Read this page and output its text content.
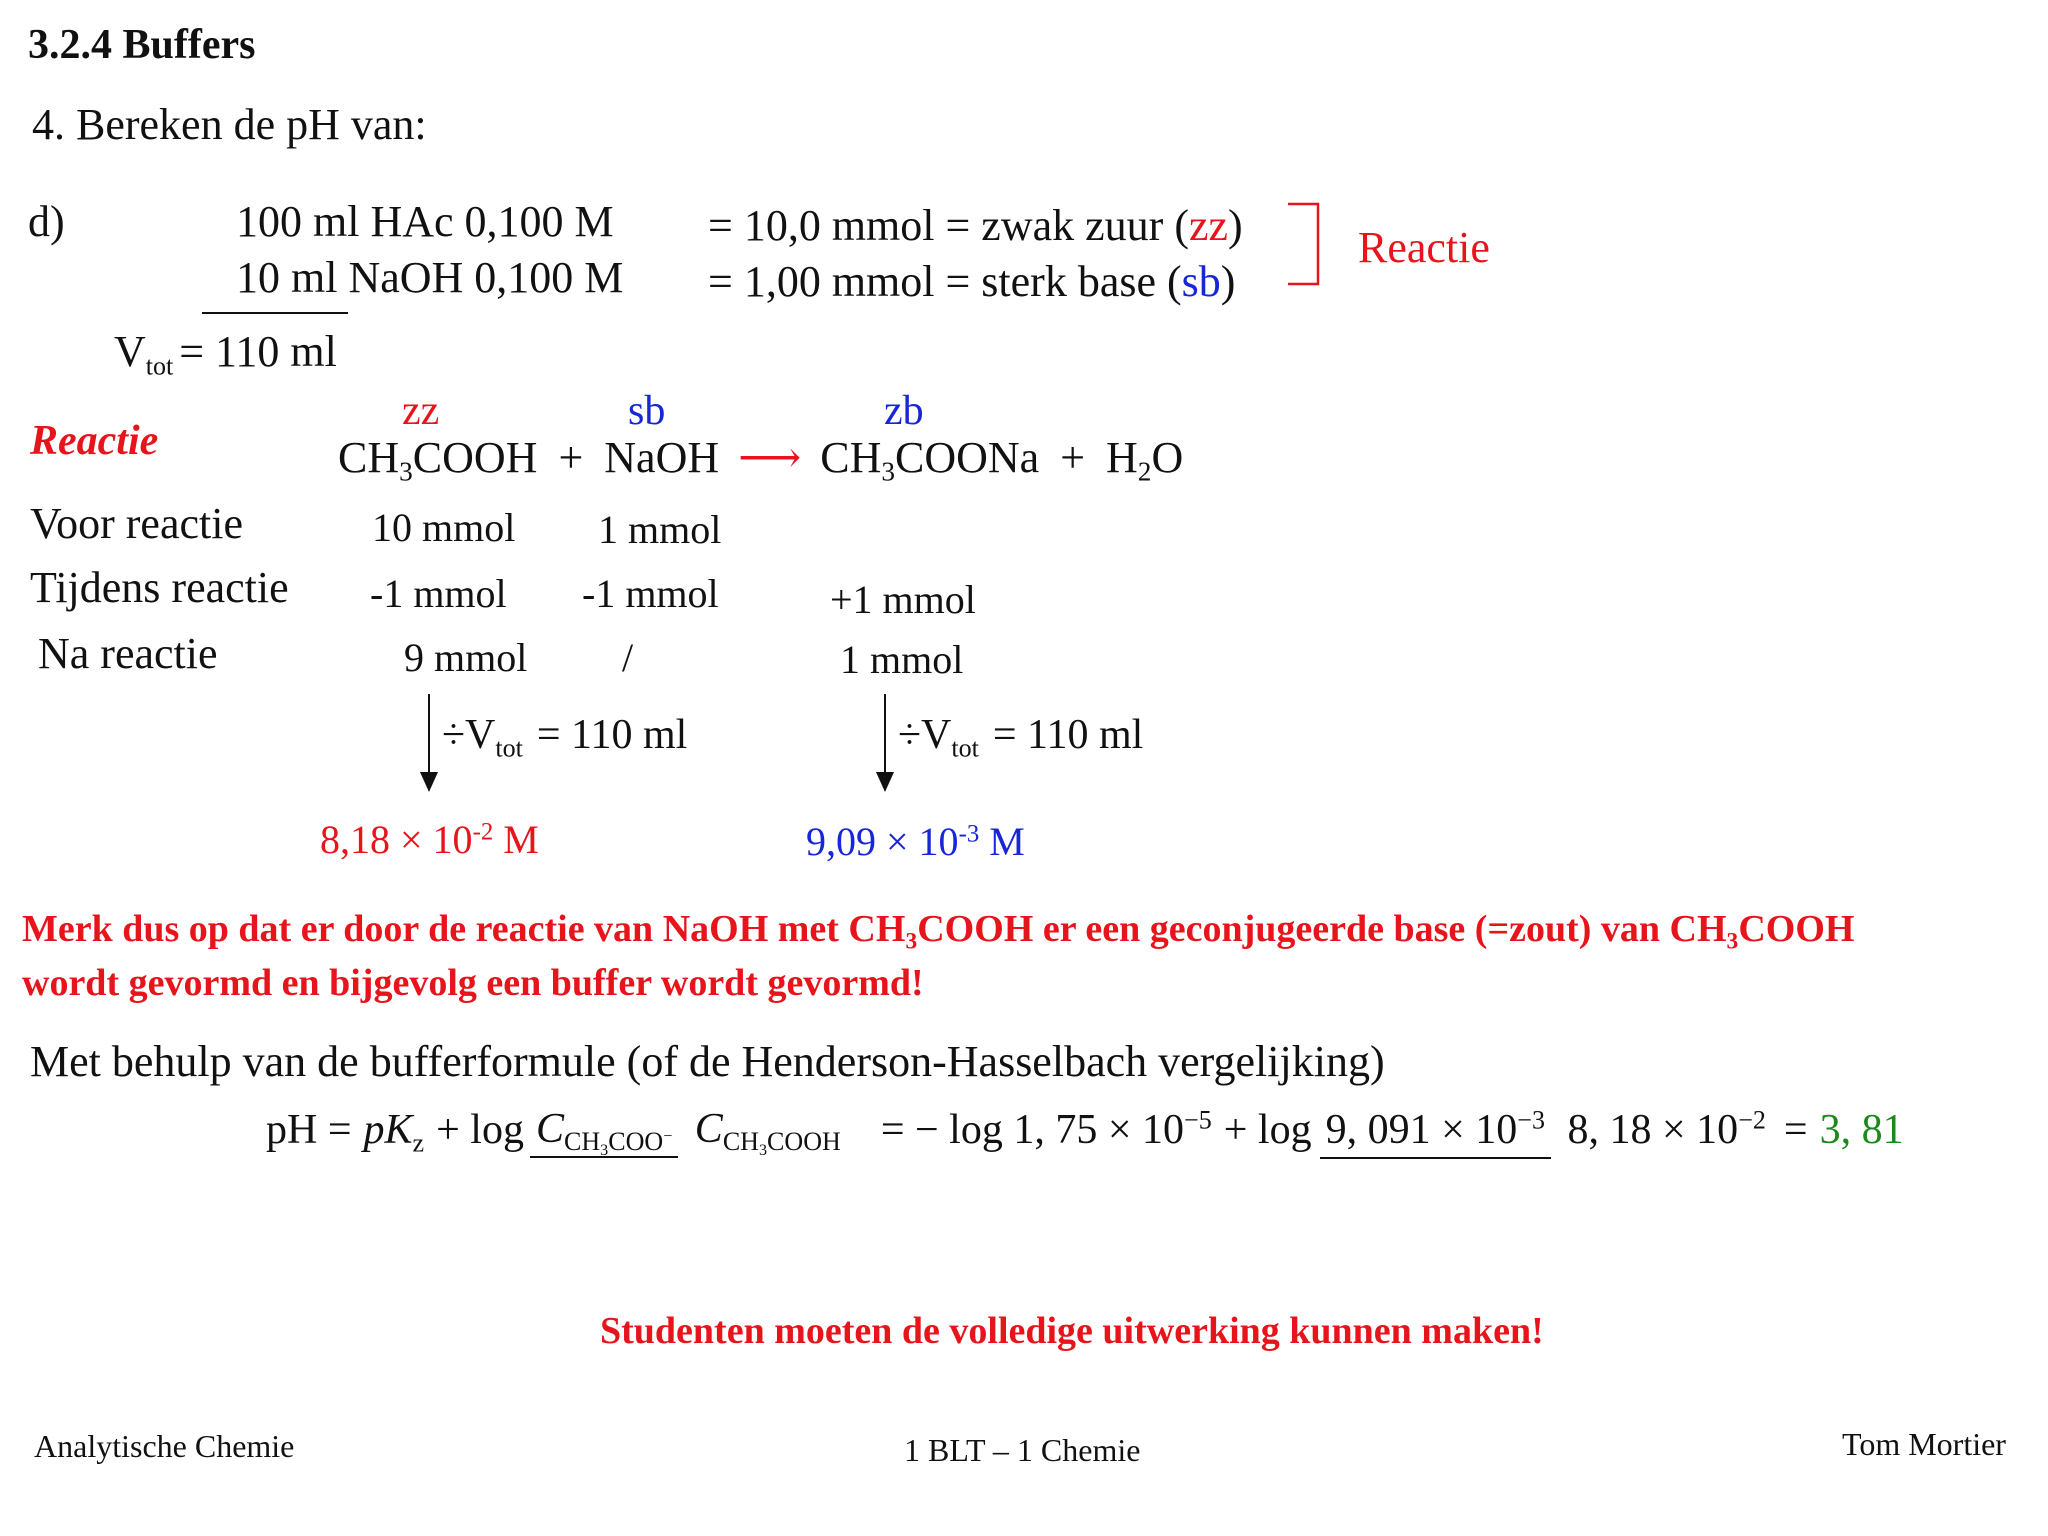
3.2.4 Buffers
4. Bereken de pH van:
d)	100 ml HAc 0,100 M
10 ml NaOH 0,100 M
= 10,0 mmol = zwak zuur (zz)
= 1,00 mmol = sterk base (sb)
Reactie
$V_{tot} = 110$ ml
Reactie
zz	sb	zb
$CH_3COOH$ + NaOH ⟶ $CH_3COONa + H_2O$
Voor reactie	10 mmol 1 mmol
Tijdens reactie -1 mmol -1 mmol	+1 mmol
Na reactie	9 mmol /	1 mmol
$\div V_{tot} = 110$ ml	$\div V_{tot} = 110$ ml
$8,18 \times 10^{-2}$ M	$9,09 \times 10^{-3}$ M
Merk dus op dat er door de reactie van NaOH met $CH_3COOH$ er een geconjugeerde base (=zout) van $CH_3COOH$
wordt gevormd en bijgevolg een buffer wordt gevormd!
Met behulp van de bufferformule (of de Henderson-Hasselbach vergelijking)
pH = $pK_z + \log C_{CH_3COO^-}$ $C_{CH_3COOH}$ = − log 1, $75 \times 10^{-5} + \log 9$, $091 \times 10^{-3}$ 8, $18 \times 10^{-2} = 3$, 81
Studenten moeten de volledige uitwerking kunnen maken!
Analytische Chemie	1 BLT – 1 Chemie	Tom Mortier
